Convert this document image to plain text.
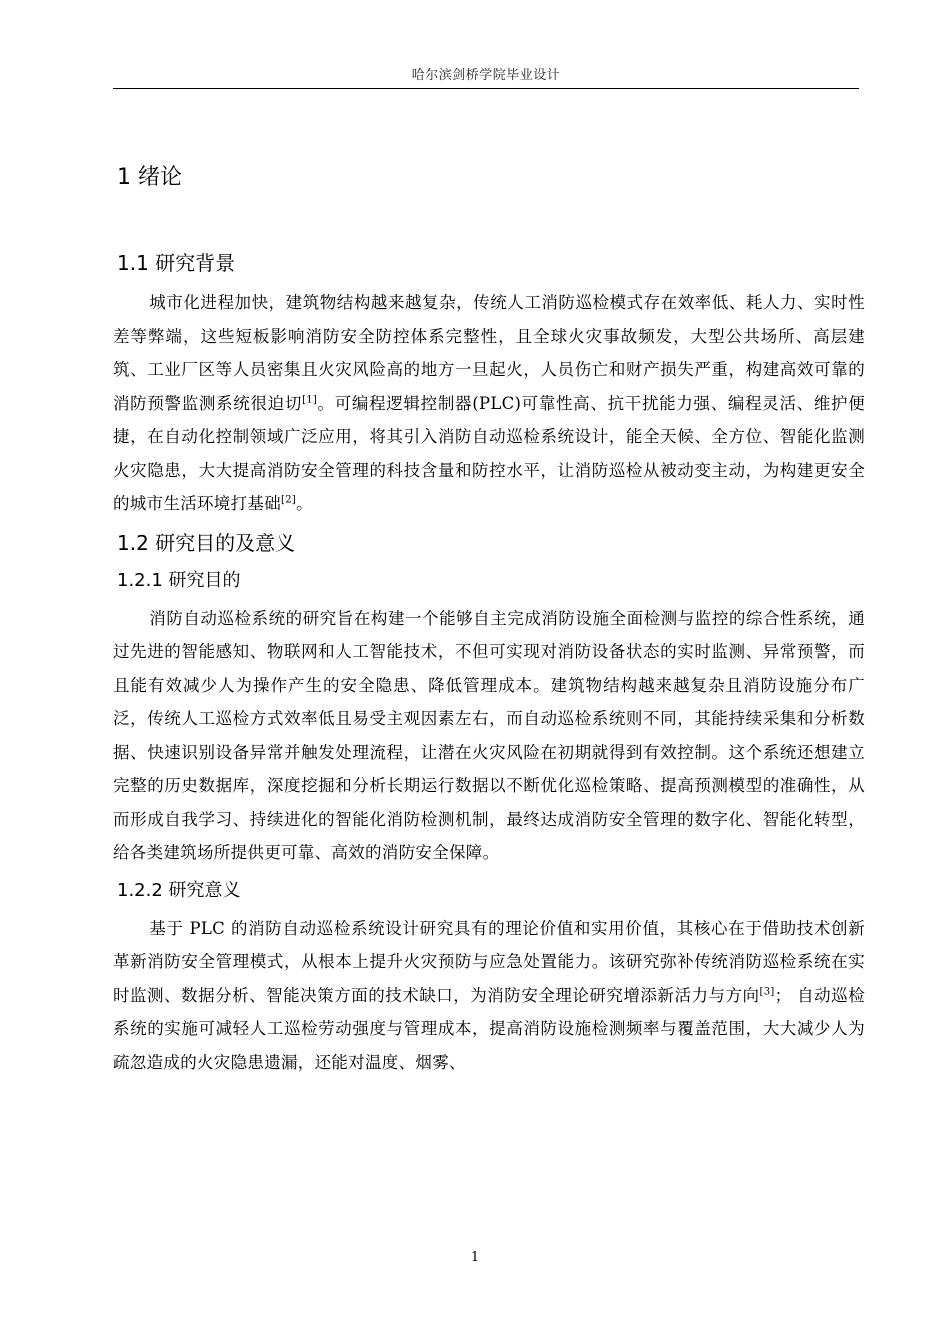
哈尔滨剑桥学院毕业设计
1 绪论
1.1 研究背景

城市化进程加快，建筑物结构越来越复杂，传统人工消防巡检模式存在效率低、耗人力、实时性差等弊端，这些短板影响消防安全防控体系完整性，且全球火灾事故频发，大型公共场所、高层建筑、工业厂区等人员密集且火灾风险高的地方一旦起火，人员伤亡和财产损失严重，构建高效可靠的消防预警监测系统很迫切[1]。可编程逻辑控制器(PLC)可靠性高、抗干扰能力强、编程灵活、维护便捷，在自动化控制领域广泛应用，将其引入消防自动巡检系统设计，能全天候、全方位、智能化监测火灾隐患，大大提高消防安全管理的科技含量和防控水平，让消防巡检从被动变主动，为构建更安全的城市生活环境打基础[2]。

1.2 研究目的及意义
1.2.1 研究目的

消防自动巡检系统的研究旨在构建一个能够自主完成消防设施全面检测与监控的综合性系统，通过先进的智能感知、物联网和人工智能技术，不但可实现对消防设备状态的实时监测、异常预警，而且能有效减少人为操作产生的安全隐患、降低管理成本。建筑物结构越来越复杂且消防设施分布广泛，传统人工巡检方式效率低且易受主观因素左右，而自动巡检系统则不同，其能持续采集和分析数据、快速识别设备异常并触发处理流程，让潜在火灾风险在初期就得到有效控制。这个系统还想建立完整的历史数据库，深度挖掘和分析长期运行数据以不断优化巡检策略、提高预测模型的准确性，从而形成自我学习、持续进化的智能化消防检测机制，最终达成消防安全管理的数字化、智能化转型，给各类建筑场所提供更可靠、高效的消防安全保障。

1.2.2 研究意义

基于 PLC 的消防自动巡检系统设计研究具有的理论价值和实用价值，其核心在于借助技术创新革新消防安全管理模式，从根本上提升火灾预防与应急处置能力。该研究弥补传统消防巡检系统在实时监测、数据分析、智能决策方面的技术缺口，为消防安全理论研究增添新活力与方向[3]； 自动巡检系统的实施可减轻人工巡检劳动强度与管理成本，提高消防设施检测频率与覆盖范围，大大减少人为疏忽造成的火灾隐患遗漏，还能对温度、烟雾、

1
